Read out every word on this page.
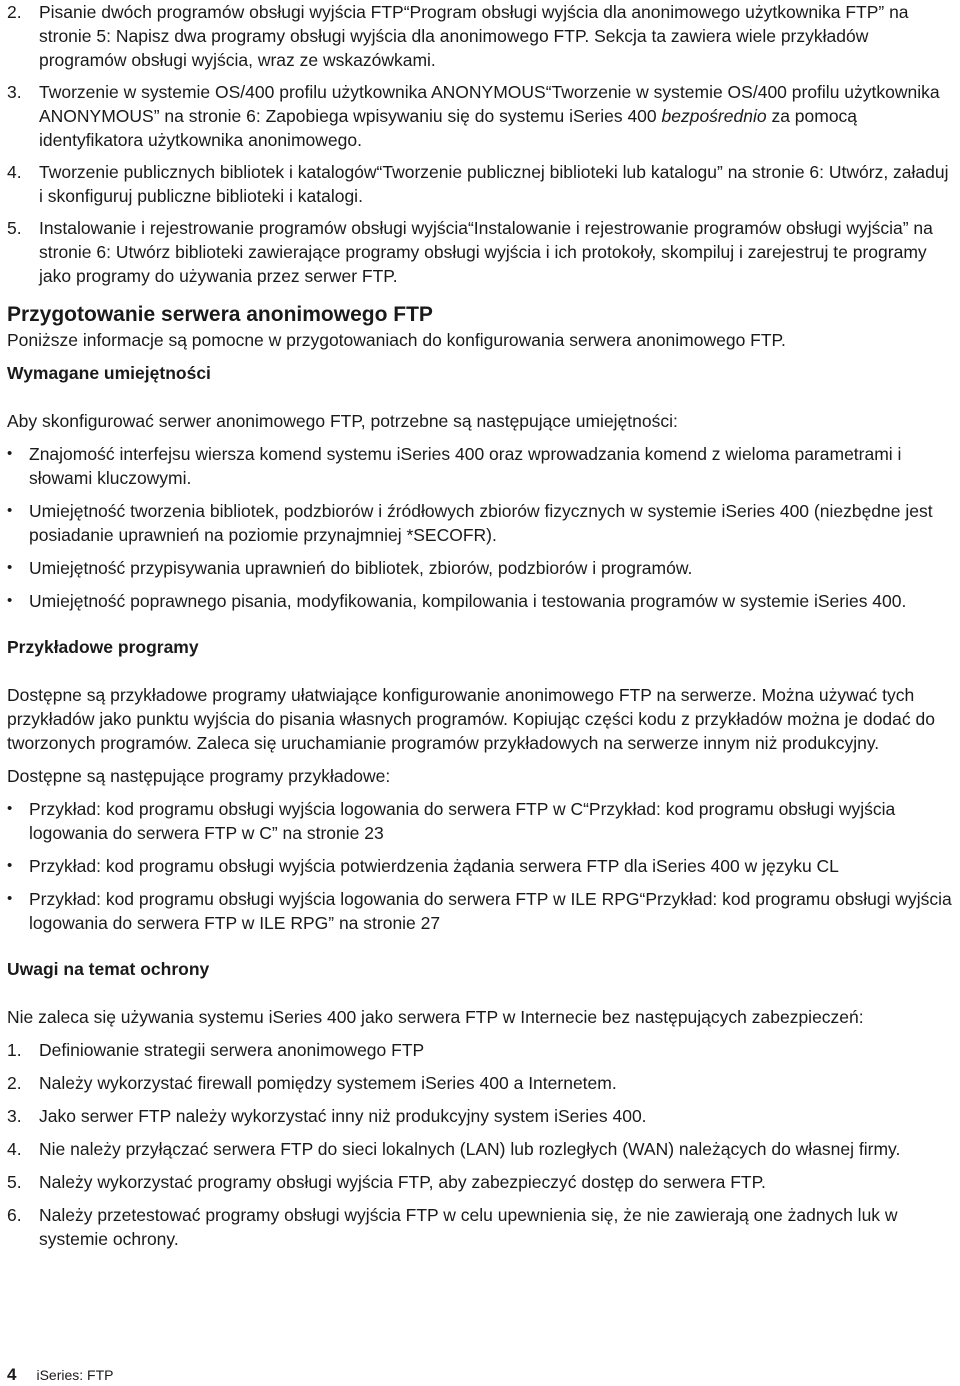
2. Pisanie dwóch programów obsługi wyjścia FTP“Program obsługi wyjścia dla anonimowego użytkownika FTP” na stronie 5: Napisz dwa programy obsługi wyjścia dla anonimowego FTP. Sekcja ta zawiera wiele przykładów programów obsługi wyjścia, wraz ze wskazówkami.
3. Tworzenie w systemie OS/400 profilu użytkownika ANONYMOUS“Tworzenie w systemie OS/400 profilu użytkownika ANONYMOUS” na stronie 6: Zapobiega wpisywaniu się do systemu iSeries 400 bezpośrednio za pomocą identyfikatora użytkownika anonimowego.
4. Tworzenie publicznych bibliotek i katalogów“Tworzenie publicznej biblioteki lub katalogu” na stronie 6: Utwórz, załaduj i skonfiguruj publiczne biblioteki i katalogi.
5. Instalowanie i rejestrowanie programów obsługi wyjścia“Instalowanie i rejestrowanie programów obsługi wyjścia” na stronie 6: Utwórz biblioteki zawierające programy obsługi wyjścia i ich protokoły, skompiluj i zarejestruj te programy jako programy do używania przez serwer FTP.
Przygotowanie serwera anonimowego FTP

Poniższe informacje są pomocne w przygotowaniach do konfigurowania serwera anonimowego FTP.

Wymagane umiejętności

Aby skonfigurować serwer anonimowego FTP, potrzebne są następujące umiejętności:

• Znajomość interfejsu wiersza komend systemu iSeries 400 oraz wprowadzania komend z wieloma parametrami i słowami kluczowymi.
• Umiejętność tworzenia bibliotek, podzbiorów i źródłowych zbiorów fizycznych w systemie iSeries 400 (niezbędne jest posiadanie uprawnień na poziomie przynajmniej *SECOFR).
• Umiejętność przypisywania uprawnień do bibliotek, zbiorów, podzbiorów i programów.
• Umiejętność poprawnego pisania, modyfikowania, kompilowania i testowania programów w systemie iSeries 400.
Przykładowe programy

Dostępne są przykładowe programy ułatwiające konfigurowanie anonimowego FTP na serwerze. Można używać tych przykładów jako punktu wyjścia do pisania własnych programów. Kopiując części kodu z przykładów można je dodać do tworzonych programów. Zaleca się uruchamianie programów przykładowych na serwerze innym niż produkcyjny.

Dostępne są następujące programy przykładowe:

• Przykład: kod programu obsługi wyjścia logowania do serwera FTP w C“Przykład: kod programu obsługi wyjścia logowania do serwera FTP w C” na stronie 23
• Przykład: kod programu obsługi wyjścia potwierdzenia żądania serwera FTP dla iSeries 400 w języku CL
• Przykład: kod programu obsługi wyjścia logowania do serwera FTP w ILE RPG“Przykład: kod programu obsługi wyjścia logowania do serwera FTP w ILE RPG” na stronie 27
Uwagi na temat ochrony

Nie zaleca się używania systemu iSeries 400 jako serwera FTP w Internecie bez następujących zabezpieczeń:

1. Definiowanie strategii serwera anonimowego FTP
2. Należy wykorzystać firewall pomiędzy systemem iSeries 400 a Internetem.
3. Jako serwer FTP należy wykorzystać inny niż produkcyjny system iSeries 400.
4. Nie należy przyłączać serwera FTP do sieci lokalnych (LAN) lub rozległych (WAN) należących do własnej firmy.
5. Należy wykorzystać programy obsługi wyjścia FTP, aby zabezpieczyć dostęp do serwera FTP.
6. Należy przetestować programy obsługi wyjścia FTP w celu upewnienia się, że nie zawierają one żadnych luk w systemie ochrony.
4 iSeries: FTP
